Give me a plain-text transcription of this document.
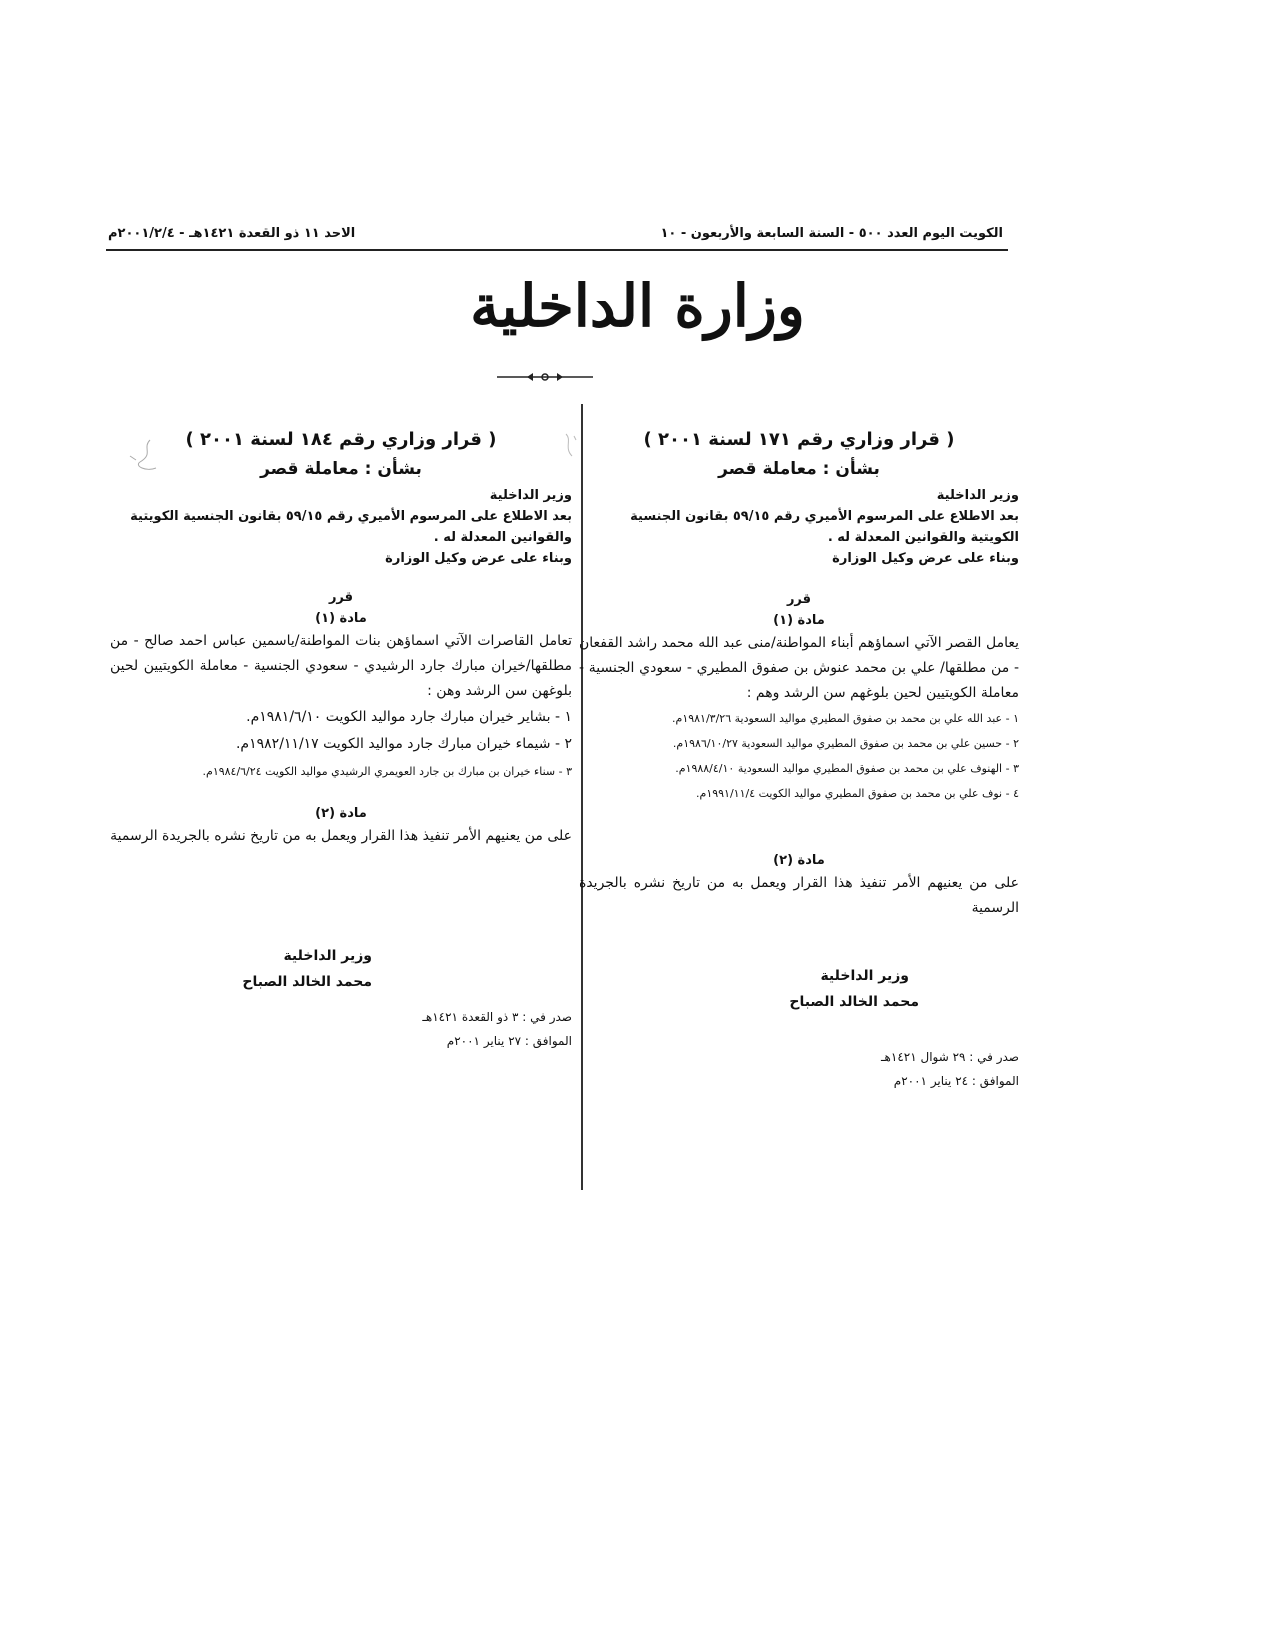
الكويت اليوم العدد ٥٠٠ - السنة السابعة والأربعون - ١٠
الاحد ١١ ذو القعدة ١٤٢١هـ - ٢٠٠١/٢/٤م
وزارة الداخلية
( قرار وزاري رقم ١٧١ لسنة ٢٠٠١ )
بشأن : معاملة قصر

وزير الداخلية

بعد الاطلاع على المرسوم الأميري رقم ٥٩/١٥ بقانون الجنسية الكويتية والقوانين المعدلة له .

وبناء على عرض وكيل الوزارة

قرر

مادة (١)

يعامل القصر الآتي اسماؤهم أبناء المواطنة/منى عبد الله محمد راشد القفعان - من مطلقها/ علي بن محمد عنوش بن صفوق المطيري - سعودي الجنسية - معاملة الكويتيين لحين بلوغهم سن الرشد وهم :
١ - عبد الله علي بن محمد بن صفوق المطيري مواليد السعودية ١٩٨١/٣/٢٦م.
٢ - حسين علي بن محمد بن صفوق المطيري مواليد السعودية ١٩٨٦/١٠/٢٧م.
٣ - الهنوف علي بن محمد بن صفوق المطيري مواليد السعودية ١٩٨٨/٤/١٠م.
٤ - نوف علي بن محمد بن صفوق المطيري مواليد الكويت ١٩٩١/١١/٤م.

مادة (٢)

على من يعنيهم الأمر تنفيذ هذا القرار ويعمل به من تاريخ نشره بالجريدة الرسمية
وزير الداخلية
محمد الخالد الصباح
صدر في : ٢٩ شوال ١٤٢١هـ
الموافق : ٢٤ يناير ٢٠٠١م
( قرار وزاري رقم ١٨٤ لسنة ٢٠٠١ )
بشأن : معاملة قصر

وزير الداخلية

بعد الاطلاع على المرسوم الأميري رقم ٥٩/١٥ بقانون الجنسية الكويتية والقوانين المعدلة له .

وبناء على عرض وكيل الوزارة

قرر

مادة (١)

تعامل القاصرات الآتي اسماؤهن بنات المواطنة/ياسمين عباس احمد صالح - من مطلقها/خيران مبارك جارد الرشيدي - سعودي الجنسية - معاملة الكويتيين لحين بلوغهن سن الرشد وهن :
١ - بشاير خيران مبارك جارد مواليد الكويت ١٩٨١/٦/١٠م.
٢ - شيماء خيران مبارك جارد مواليد الكويت ١٩٨٢/١١/١٧م.
٣ - سناء خيران بن مبارك بن جارد العويمري الرشيدي مواليد الكويت ١٩٨٤/٦/٢٤م.

مادة (٢)

على من يعنيهم الأمر تنفيذ هذا القرار ويعمل به من تاريخ نشره بالجريدة الرسمية
وزير الداخلية
محمد الخالد الصباح
صدر في : ٣ ذو القعدة ١٤٢١هـ
الموافق : ٢٧ يناير ٢٠٠١م
